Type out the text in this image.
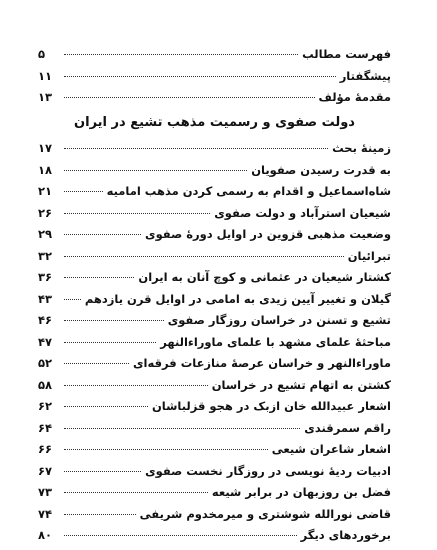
فهرست مطالب
۵
پیشگفتار
۱۱
مقدمهٔ مؤلف
۱۳
دولت صفوی و رسمیت مذهب تشیع در ایران
زمینهٔ بحث
۱۷
به قدرت رسیدن صفویان
۱۸
شاه‌اسماعیل و اقدام به رسمی کردن مذهب امامیه
۲۱
شیعیان استرآباد و دولت صفوی
۲۶
وضعیت مذهبی قزوین در اوایل دورهٔ صفوی
۲۹
تبرائیان
۳۲
کشتار شیعیان در عثمانی و کوچ آنان به ایران
۳۶
گیلان و تغییر آیین زیدی به امامی در اوایل قرن یازدهم
۴۳
تشیع و تسنن در خراسان روزگار صفوی
۴۶
مباحثهٔ علمای مشهد با علمای ماوراءالنهر
۴۷
ماوراءالنهر و خراسان عرصهٔ منازعات فرقه‌ای
۵۲
کشتن به اتهام تشیع در خراسان
۵۸
اشعار عبیدالله خان ازبک در هجو قزلباشان
۶۲
راقم سمرقندی
۶۴
اشعار شاعران شیعی
۶۶
ادبیات ردیهٔ نویسی در روزگار نخست صفوی
۶۷
فضل بن روزبهان در برابر شیعه
۷۳
قاضی نورالله شوشتری و میرمخدوم شریفی
۷۴
برخوردهای دیگر
۸۰
